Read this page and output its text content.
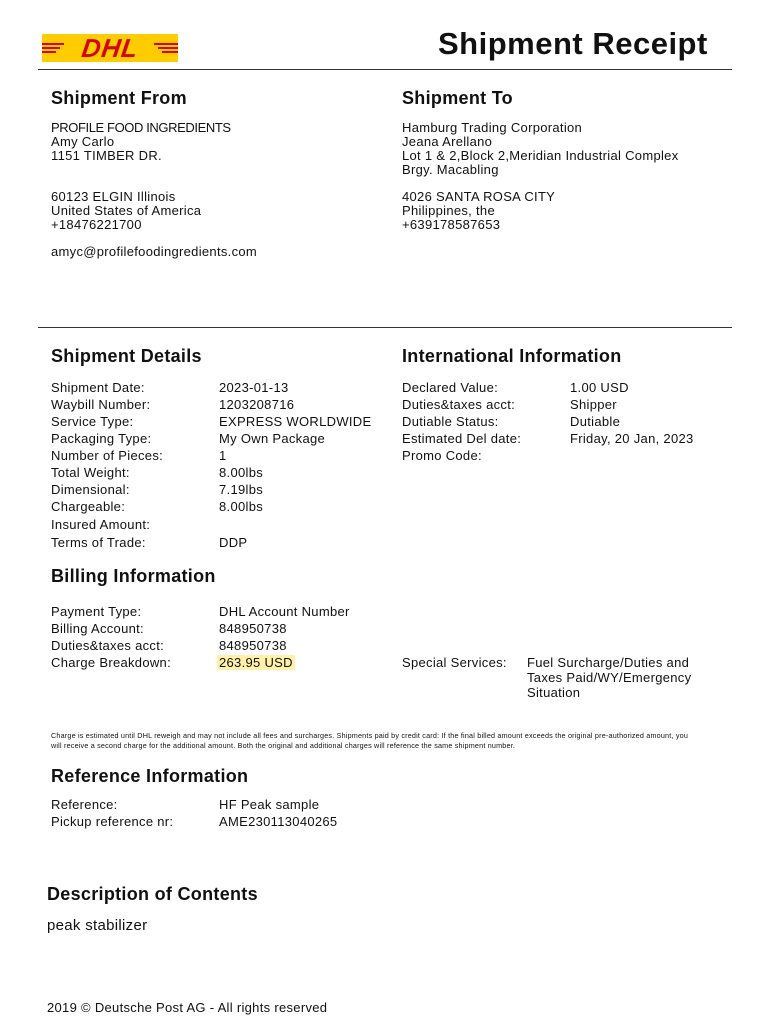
DHL	Shipment Receipt
Shipment From
PROFILE FOOD INGREDIENTS
Amy Carlo
1151 TIMBER DR.
60123 ELGIN Illinois
United States of America
+18476221700
amyc@profilefoodingredients.com
Shipment To
Hamburg Trading Corporation
Jeana Arellano
Lot 1 & 2,Block 2,Meridian Industrial Complex
Brgy. Macabling
4026 SANTA ROSA CITY
Philippines, the
+639178587653
Shipment Details
Shipment Date:	2023-01-13
Waybill Number:	1203208716
Service Type:	EXPRESS WORLDWIDE
Packaging Type:	My Own Package
Number of Pieces:	1
Total Weight:	8.00lbs
Dimensional:	7.19lbs
Chargeable:	8.00lbs
Insured Amount:
Terms of Trade:	DDP
International Information
Declared Value:	1.00 USD
Duties&taxes acct:	Shipper
Dutiable Status:	Dutiable
Estimated Del date:	Friday, 20 Jan, 2023
Promo Code:
Billing Information
Payment Type:	DHL Account Number
Billing Account:	848950738
Duties&taxes acct:	848950738
Charge Breakdown:	263.95 USD	Special Services: Fuel Surcharge/Duties and
Taxes Paid/WY/Emergency
Situation
Charge is estimated until DHL reweigh and may not include all fees and surcharges. Shipments paid by credit card: If the final billed amount exceeds the original pre-authorized amount, you will receive a second charge for the additional amount. Both the original and additional charges will reference the same shipment number.
Reference Information
Reference:	HF Peak sample
Pickup reference nr:	AME230113040265
Description of Contents
peak stabilizer
2019 © Deutsche Post AG - All rights reserved
